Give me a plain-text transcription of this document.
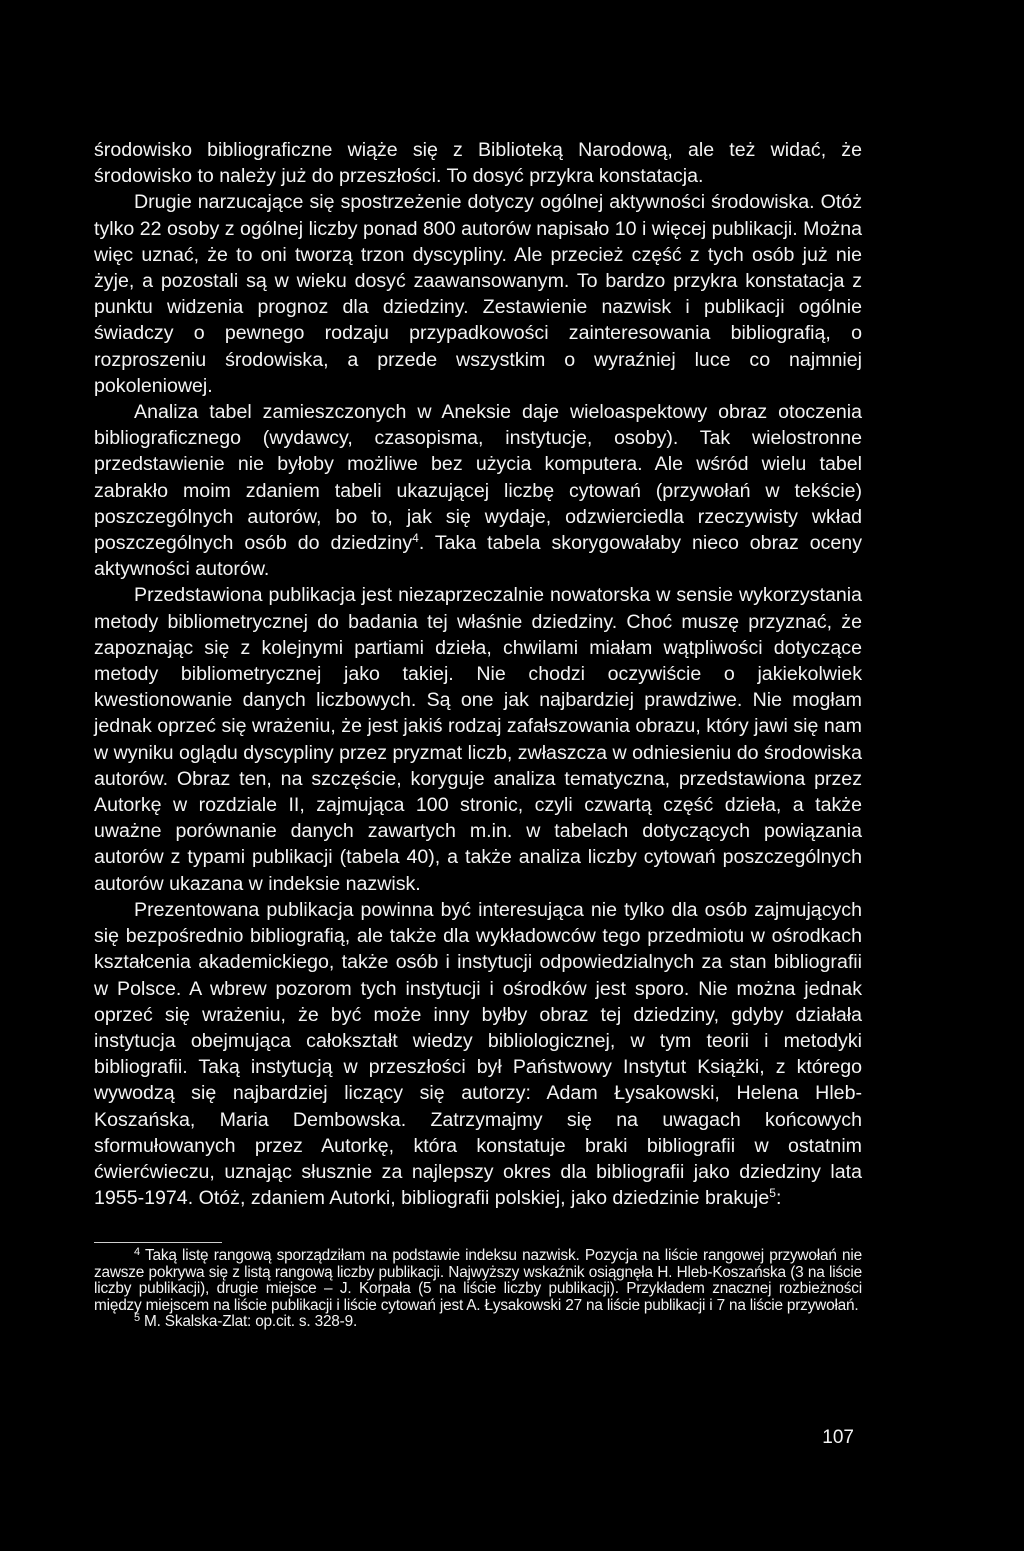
środowisko bibliograficzne wiąże się z Biblioteką Narodową, ale też widać, że środowisko to należy już do przeszłości. To dosyć przykra konstatacja.

Drugie narzucające się spostrzeżenie dotyczy ogólnej aktywności środowiska. Otóż tylko 22 osoby z ogólnej liczby ponad 800 autorów napisało 10 i więcej publikacji. Można więc uznać, że to oni tworzą trzon dyscypliny. Ale przecież część z tych osób już nie żyje, a pozostali są w wieku dosyć zaawansowanym. To bardzo przykra konstatacja z punktu widzenia prognoz dla dziedziny. Zestawienie nazwisk i publikacji ogólnie świadczy o pewnego rodzaju przypadkowości zainteresowania bibliografią, o rozproszeniu środowiska, a przede wszystkim o wyraźniej luce co najmniej pokoleniowej.

Analiza tabel zamieszczonych w Aneksie daje wieloaspektowy obraz otoczenia bibliograficznego (wydawcy, czasopisma, instytucje, osoby). Tak wielostronne przedstawienie nie byłoby możliwe bez użycia komputera. Ale wśród wielu tabel zabrakło moim zdaniem tabeli ukazującej liczbę cytowań (przywołań w tekście) poszczególnych autorów, bo to, jak się wydaje, odzwierciedla rzeczywisty wkład poszczególnych osób do dziedziny$^4$. Taka tabela skorygowałaby nieco obraz oceny aktywności autorów.

Przedstawiona publikacja jest niezaprzeczalnie nowatorska w sensie wykorzystania metody bibliometrycznej do badania tej właśnie dziedziny. Choć muszę przyznać, że zapoznając się z kolejnymi partiami dzieła, chwilami miałam wątpliwości dotyczące metody bibliometrycznej jako takiej. Nie chodzi oczywiście o jakiekolwiek kwestionowanie danych liczbowych. Są one jak najbardziej prawdziwe. Nie mogłam jednak oprzeć się wrażeniu, że jest jakiś rodzaj zafałszowania obrazu, który jawi się nam w wyniku oglądu dyscypliny przez pryzmat liczb, zwłaszcza w odniesieniu do środowiska autorów. Obraz ten, na szczęście, koryguje analiza tematyczna, przedstawiona przez Autorkę w rozdziale II, zajmująca 100 stronic, czyli czwartą część dzieła, a także uważne porównanie danych zawartych m.in. w tabelach dotyczących powiązania autorów z typami publikacji (tabela 40), a także analiza liczby cytowań poszczególnych autorów ukazana w indeksie nazwisk.

Prezentowana publikacja powinna być interesująca nie tylko dla osób zajmujących się bezpośrednio bibliografią, ale także dla wykładowców tego przedmiotu w ośrodkach kształcenia akademickiego, także osób i instytucji odpowiedzialnych za stan bibliografii w Polsce. A wbrew pozorom tych instytucji i ośrodków jest sporo. Nie można jednak oprzeć się wrażeniu, że być może inny byłby obraz tej dziedziny, gdyby działała instytucja obejmująca całokształt wiedzy bibliologicznej, w tym teorii i metodyki bibliografii. Taką instytucją w przeszłości był Państwowy Instytut Książki, z którego wywodzą się najbardziej liczący się autorzy: Adam Łysakowski, Helena Hleb-Koszańska, Maria Dembowska. Zatrzymajmy się na uwagach końcowych sformułowanych przez Autorkę, która konstatuje braki bibliografii w ostatnim ćwierćwieczu, uznając słusznie za najlepszy okres dla bibliografii jako dziedziny lata 1955-1974. Otóż, zdaniem Autorki, bibliografii polskiej, jako dziedzinie brakuje$^5$:

$^4$ Taką listę rangową sporządziłam na podstawie indeksu nazwisk. Pozycja na liście rangowej przywołań nie zawsze pokrywa się z listą rangową liczby publikacji. Najwyższy wskaźnik osiągnęła H. Hleb-Koszańska (3 na liście liczby publikacji), drugie miejsce – J. Korpała (5 na liście liczby publikacji). Przykładem znacznej rozbieżności między miejscem na liście publikacji i liście cytowań jest A. Łysakowski 27 na liście publikacji i 7 na liście przywołań.

$^5$ M. Skalska-Zlat: op.cit. s. 328-9.

107
